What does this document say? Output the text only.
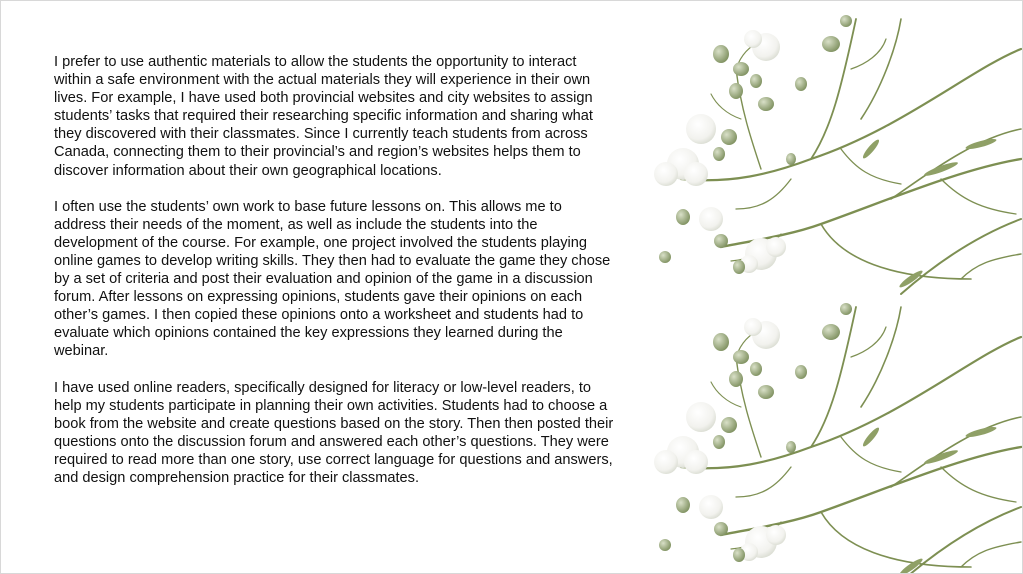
I prefer to use authentic materials to allow the students the opportunity to interact within a safe environment with the actual materials they will experience in their own lives. For example, I have used both provincial websites and city websites to assign students’ tasks that required their researching specific information and sharing what they discovered with their classmates. Since I currently teach students from across Canada, connecting them to their provincial’s and region’s websites helps them to discover information about their own geographical locations.

I often use the students’ own work to base future lessons on. This allows me to address their needs of the moment, as well as include the students into the development of the course. For example, one project involved the students playing online games to develop writing skills. They then had to evaluate the game they chose by a set of criteria and post their evaluation and opinion of the game in a discussion forum. After lessons on expressing opinions, students gave their opinions on each other’s games. I then copied these opinions onto a worksheet and students had to evaluate which opinions contained the key expressions they learned during the webinar.

I have used online readers, specifically designed for literacy or low-level readers, to help my students participate in planning their own activities. Students had to choose a book from the website and create questions based on the story. Then then posted their questions onto the discussion forum and answered each other’s questions. They were required to read more than one story, use correct language for questions and answers, and design comprehension practice for their classmates.
